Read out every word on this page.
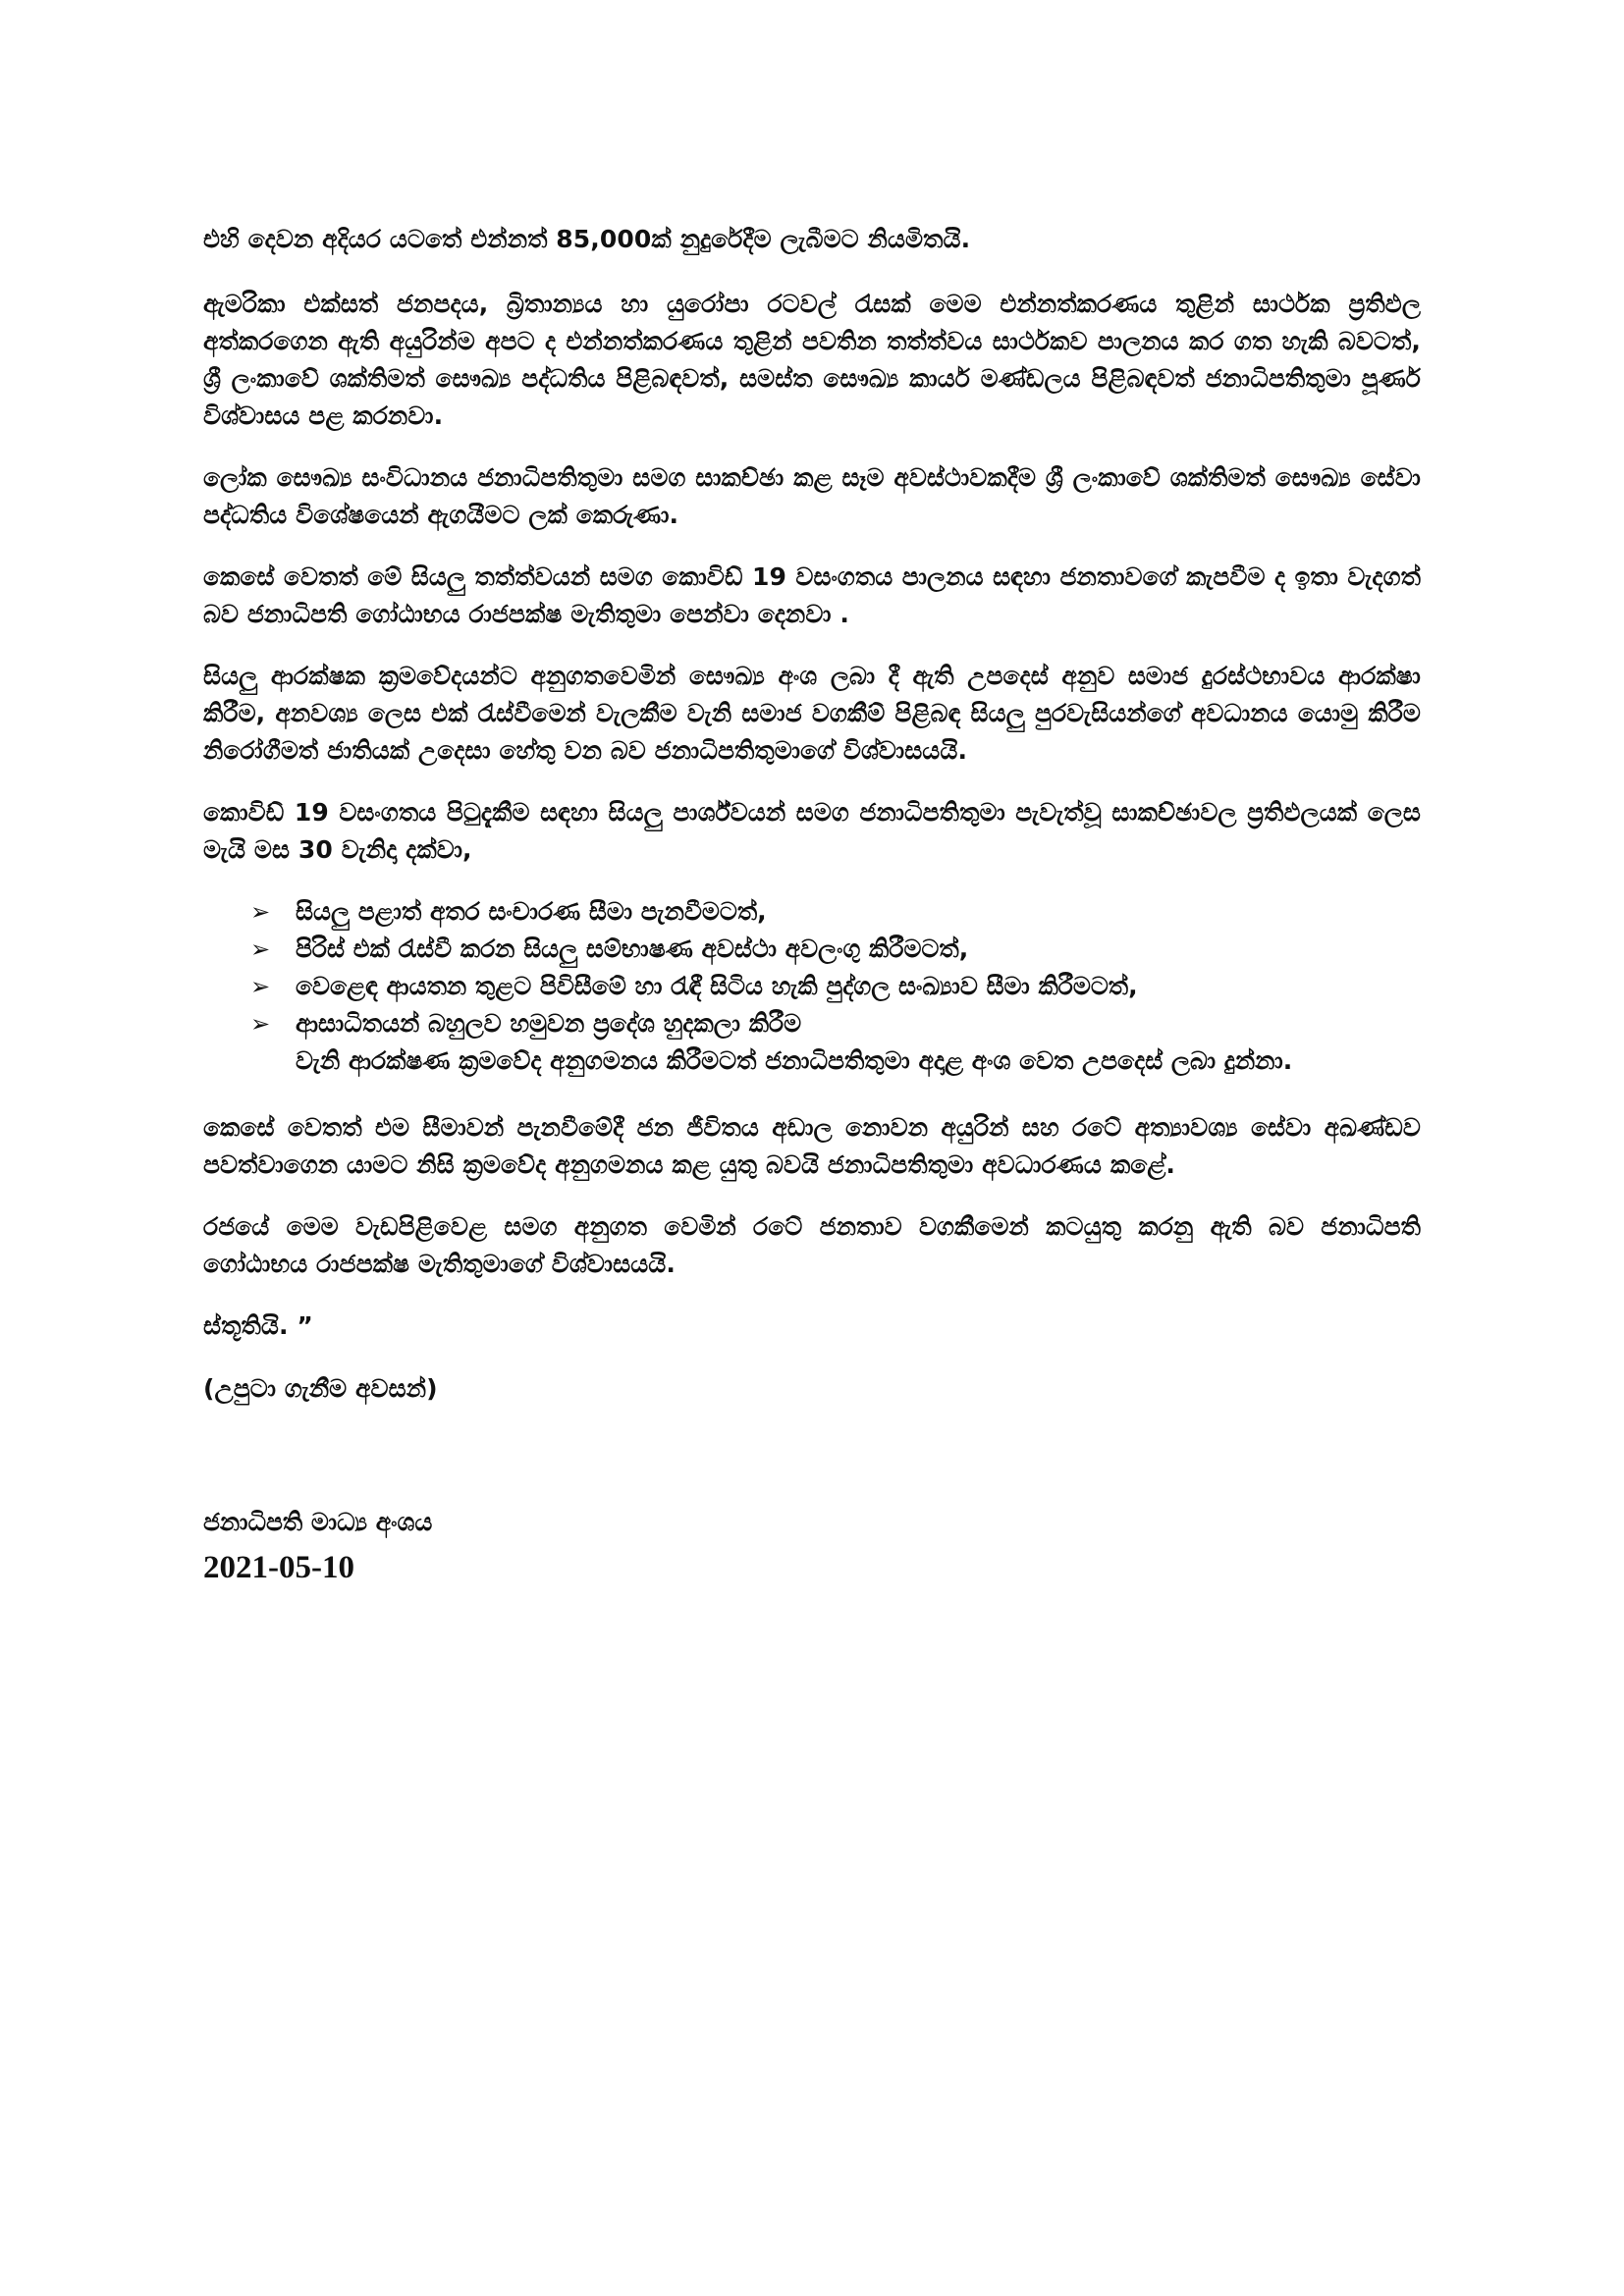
එහි දෙවන අදියර යටතේ එන්නත් 85,000ක් නුදුරේදීම ලැබීමට නියමිතයි.

ඇමරිකා එක්සත් ජනපදය, බ්‍රිතාන්‍යය හා යුරෝපා රටවල් රැසක් මෙම එන්නත්කරණය තුළින් සාර්ථක ප්‍රතිඵල අත්කරගෙන ඇති අයුරින්ම අපට ද එන්නත්කරණය තුළින් පවතින තත්ත්වය සාර්ථකව පාලනය කර ගත හැකි බවටත්, ශ්‍රී ලංකාවේ ශක්තිමත් සෞඛ්‍ය පද්ධතිය පිළිබඳවත්, සමස්ත සෞඛ්‍ය කාර්ය මණ්ඩලය පිළිබඳවත් ජනාධිපතිතුමා පූර්ණ විශ්වාසය පළ කරනවා.

ලෝක සෞඛ්‍ය සංවිධානය ජනාධිපතිතුමා සමග සාකච්ඡා කළ සෑම අවස්ථාවකදීම ශ්‍රී ලංකාවේ ශක්තිමත් සෞඛ්‍ය සේවා පද්ධතිය විශේෂයෙන් ඇගයීමට ලක් කෙරුණා.

කෙසේ වෙතත් මේ සියලු තත්ත්වයන් සමග කොවිඩ් 19 වසංගතය පාලනය සඳහා ජනතාවගේ කැපවීම ද ඉතා වැදගත් බව ජනාධිපති ගෝඨාභය රාජපක්ෂ මැතිතුමා පෙන්වා දෙනවා .

සියලු ආරක්ෂක ක්‍රමවේදයන්ට අනුගතවෙමින් සෞඛ්‍ය අංශ ලබා දී ඇති උපදෙස් අනුව සමාජ දුරස්ථභාවය ආරක්ෂා කිරීම, අනවශ්‍ය ලෙස එක් රැස්වීමෙන් වැලකීම වැනි සමාජ වගකීම් පිළිබඳ සියලු පුරවැසියන්ගේ අවධානය යොමු කිරීම නිරෝගීමත් ජාතියක් උදෙසා හේතු වන බව ජනාධිපතිතුමාගේ විශ්වාසයයි.

කොවිඩ් 19 වසංගතය පිටුදැකීම සඳහා සියලු පාර්ශ්වයන් සමග ජනාධිපතිතුමා පැවැත්වූ සාකච්ඡාවල ප්‍රතිඵලයක් ලෙස මැයි මස 30 වැනිදා දක්වා,

➢ සියලු පළාත් අතර සංචාරණ සීමා පැනවීමටත්,
➢ පිරිස් එක් රැස්වී කරන සියලු සම්භාෂණ අවස්ථා අවලංගු කිරීමටත්,
➢ වෙළෙඳ ආයතන තුළට පිවිසීමේ හා රැඳී සිටිය හැකි පුද්ගල සංඛ්‍යාව සීමා කිරීමටත්,
➢ ආසාධිතයන් බහුලව හමුවන ප්‍රදේශ හුදකලා කිරීම
වැනි ආරක්ෂණ ක්‍රමවේද අනුගමනය කිරීමටත් ජනාධිපතිතුමා අදාළ අංශ වෙත උපදෙස් ලබා දුන්නා.

කෙසේ වෙතත් එම සීමාවන් පැනවීමේදී ජන ජීවිතය අඩාල නොවන අයුරින් සහ රටේ අත්‍යාවශ්‍ය සේවා අඛණ්ඩව පවත්වාගෙන යාමට නිසි ක්‍රමවේද අනුගමනය කළ යුතු බවයි ජනාධිපතිතුමා අවධාරණය කළේ.

රජයේ මෙම වැඩපිළිවෙළ සමග අනුගත වෙමින් රටේ ජනතාව වගකීමෙන් කටයුතු කරනු ඇති බව ජනාධිපති ගෝඨාභය රාජපක්ෂ මැතිතුමාගේ විශ්වාසයයි.

ස්තූතියි. ”

(උපුටා ගැනීම අවසන්)

ජනාධිපති මාධ්‍ය අංශය
2021-05-10
